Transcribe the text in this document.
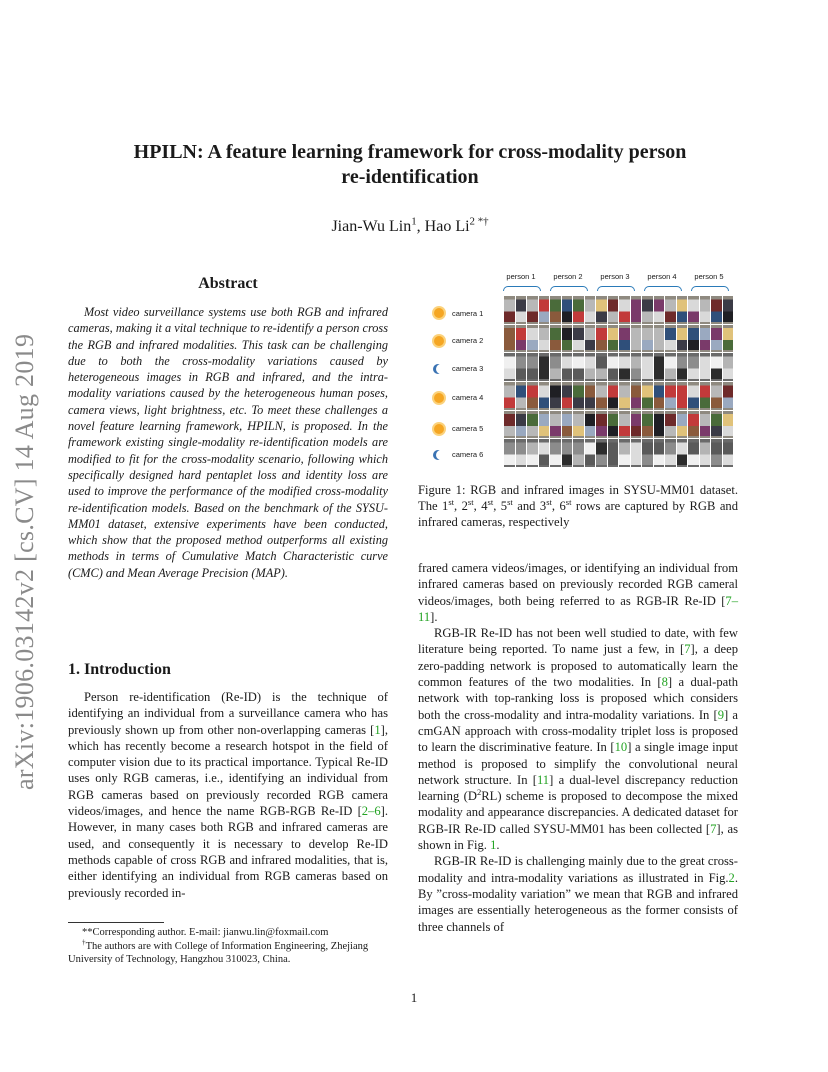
arXiv:1906.03142v2 [cs.CV] 14 Aug 2019
HPILN: A feature learning framework for cross-modality person
re-identification
Jian-Wu Lin$^1$, Hao $Li^{2 *\dagger}$
Abstract

Most video surveillance systems use both RGB and infrared cameras, making it a vital technique to re-identify a person cross the RGB and infrared modalities. This task can be challenging due to both the cross-modality variations caused by heterogeneous images in RGB and infrared, and the intra-modality variations caused by the heterogeneous human poses, camera views, light brightness, etc. To meet these challenges a novel feature learning framework, HPILN, is proposed. In the framework existing single-modality re-identification models are modified to fit for the cross-modality scenario, following which specifically designed hard pentaplet loss and identity loss are used to improve the performance of the modified cross-modality re-identification models. Based on the benchmark of the SYSU-MM01 dataset, extensive experiments have been conducted, which show that the proposed method outperforms all existing methods in terms of Cumulative Match Characteristic curve (CMC) and Mean Average Precision (MAP).

1. Introduction

Person re-identification (Re-ID) is the technique of identifying an individual from a surveillance camera who has previously shown up from other non-overlapping cameras [1], which has recently become a research hotspot in the field of computer vision due to its practical importance. Typical Re-ID uses only RGB cameras, i.e., identifying an individual from RGB cameras based on previously recorded RGB camera videos/images, and hence the name RGB-RGB Re-ID [2–6]. However, in many cases both RGB and infrared cameras are used, and consequently it is necessary to develop Re-ID methods capable of cross RGB and infrared modalities, that is, either identifying an individual from RGB cameras based on previously recorded in-

**Corresponding author. E-mail: jianwu.lin@foxmail.com

†The authors are with College of Information Engineering, Zhejiang University of Technology, Hangzhou 310023, China.

person 1	person 2	person 3	person 4	person 5
camera 1
camera 2
camera 3
camera 4
camera 5
camera 6
Figure 1: RGB and infrared images in SYSU-MM01 dataset. The 1st, 2st, 4st, 5st and 3st, 6st rows are captured by RGB and infrared cameras, respectively

frared camera videos/images, or identifying an individual from infrared cameras based on previously recorded RGB cameral videos/images, both being referred to as RGB-IR Re-ID [7–11].

RGB-IR Re-ID has not been well studied to date, with few literature being reported. To name just a few, in [7], a deep zero-padding network is proposed to automatically learn the common features of the two modalities. In [8] a dual-path network with top-ranking loss is proposed which considers both the cross-modality and intra-modality variations. In [9] a cmGAN approach with cross-modality triplet loss is proposed to learn the discriminative feature. In [10] a single image input method is proposed to simplify the convolutional neural network structure. In [11] a dual-level discrepancy reduction learning $(D^2RL)$ scheme is proposed to decompose the mixed modality and appearance discrepancies. A dedicated dataset for RGB-IR Re-ID called SYSU-MM01 has been collected [7], as shown in Fig. 1.

RGB-IR Re-ID is challenging mainly due to the great cross-modality and intra-modality variations as illustrated in Fig.2. By ”cross-modality variation” we mean that RGB and infrared images are essentially heterogeneous as the former consists of three channels of

1
